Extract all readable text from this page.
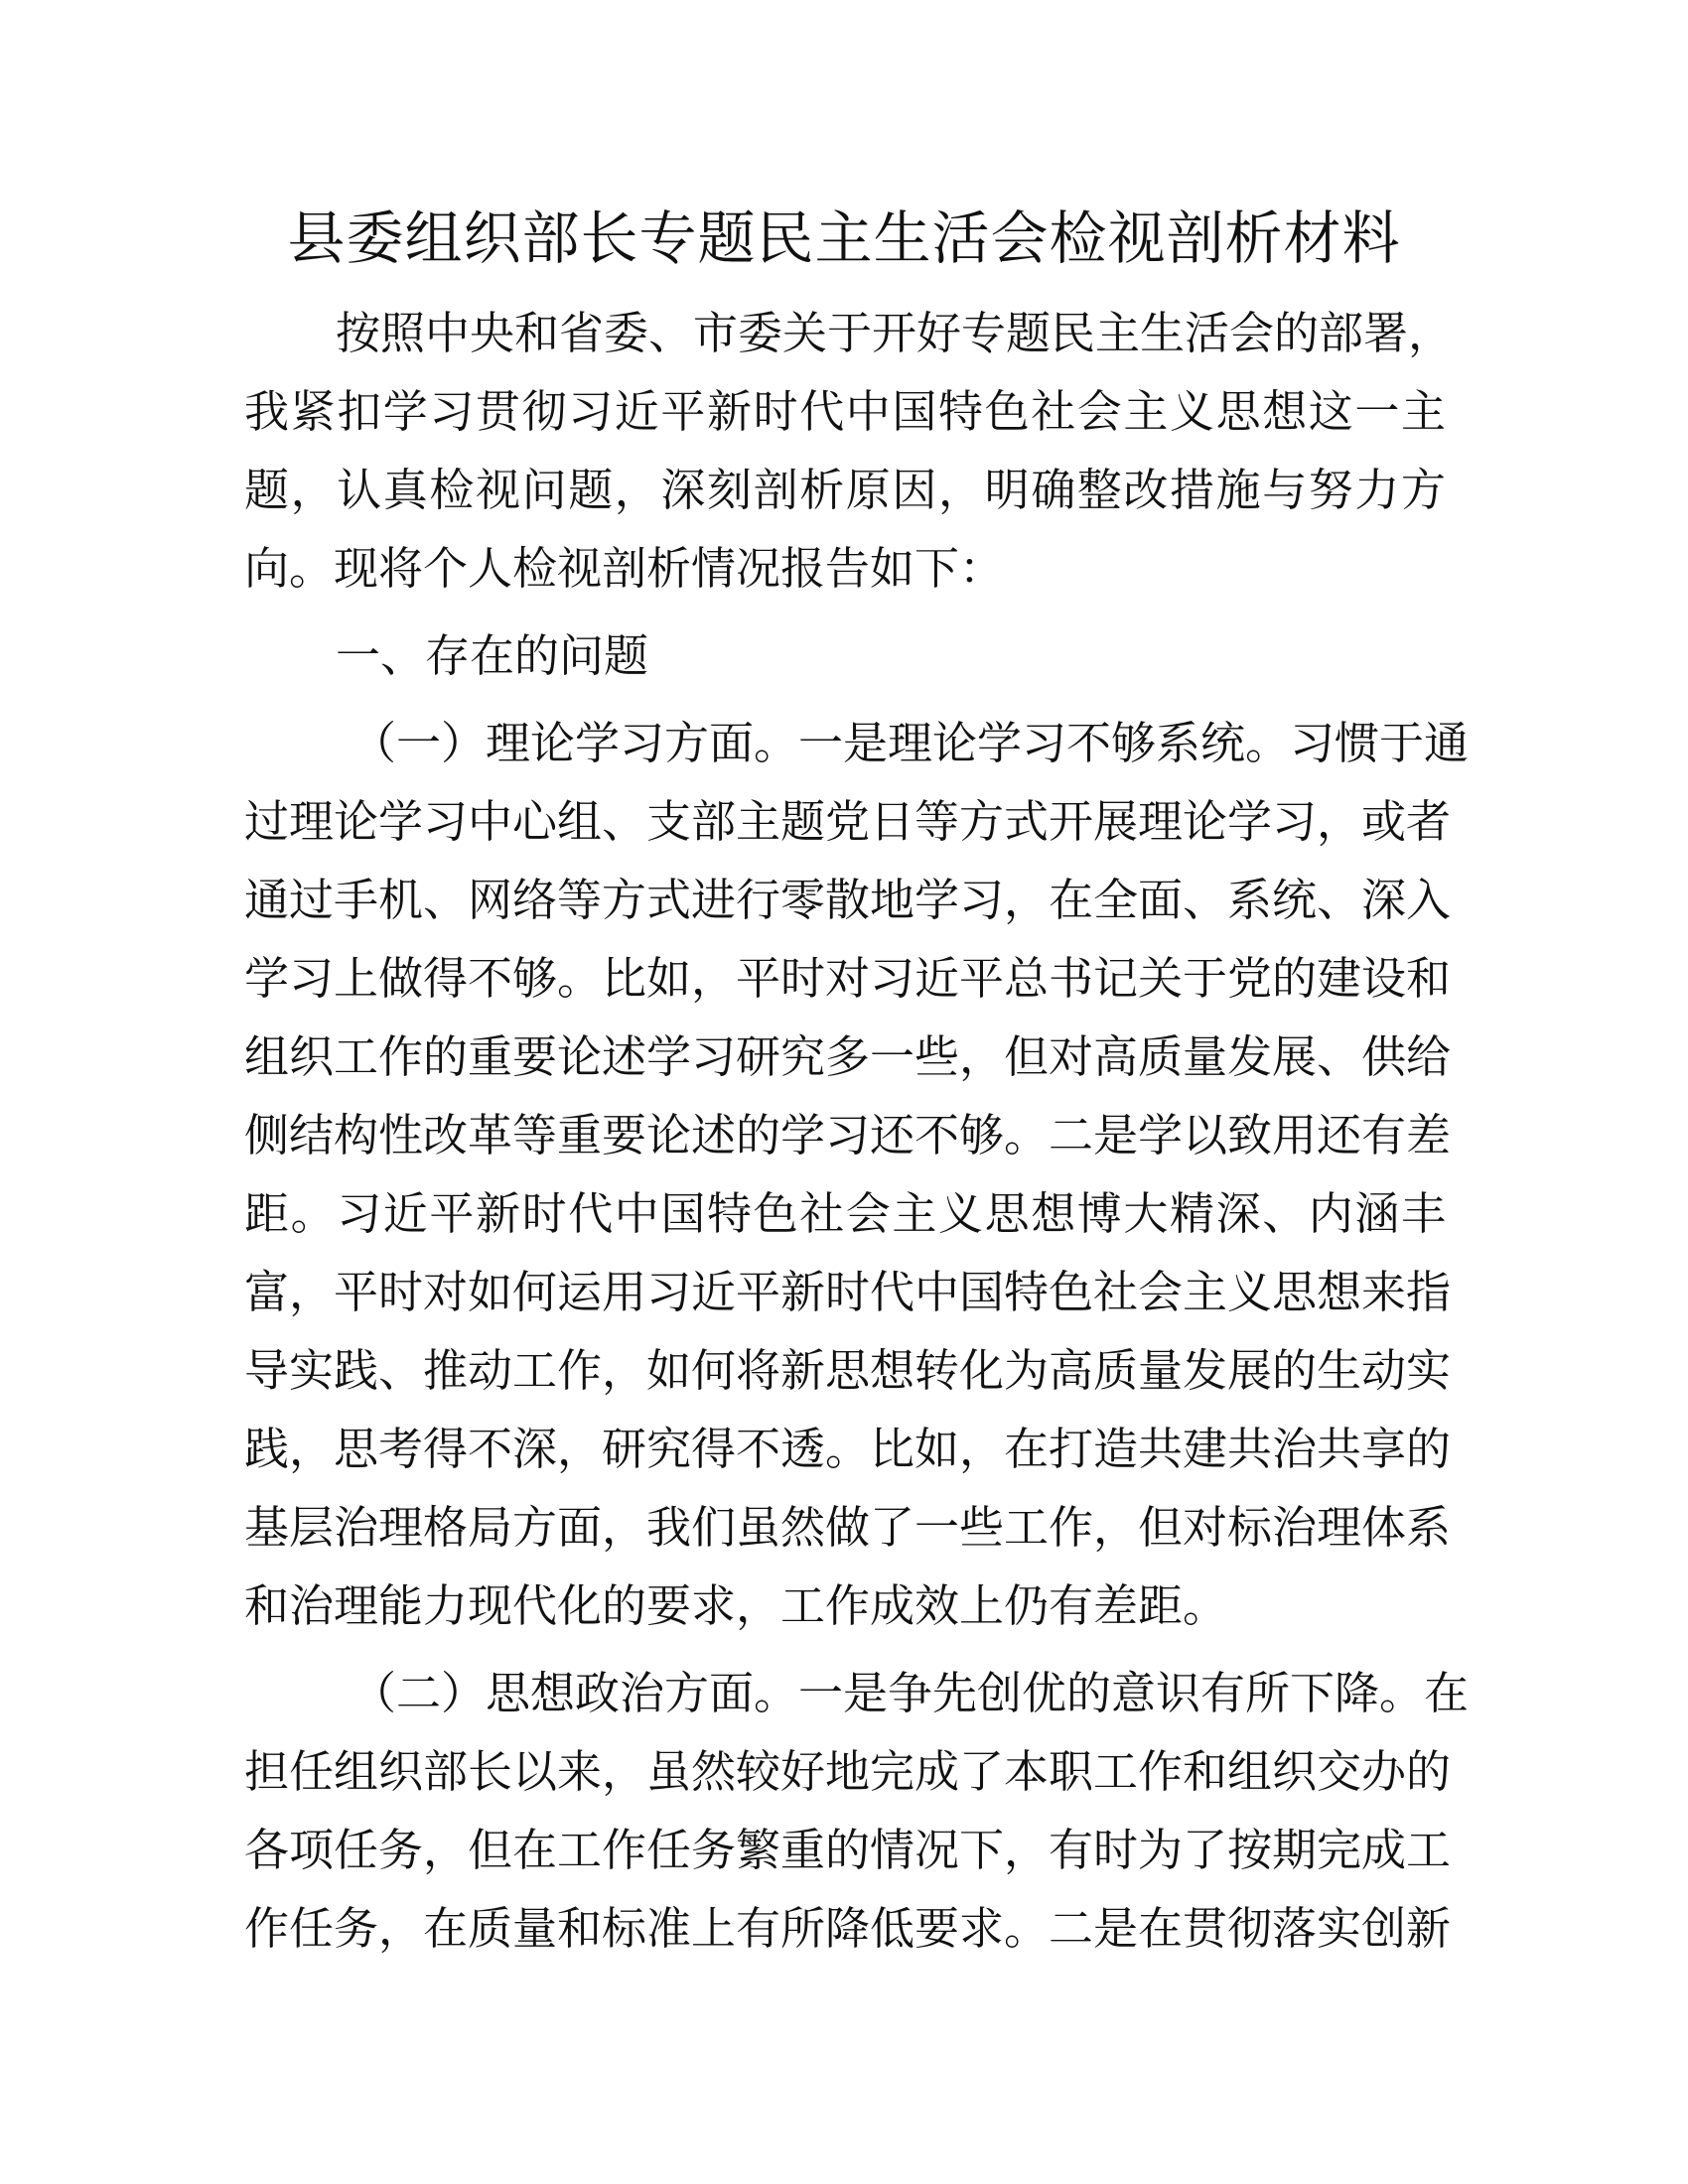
县委组织部长专题民主生活会检视剖析材料
按照中央和省委、市委关于开好专题民主生活会的部署，
我紧扣学习贯彻习近平新时代中国特色社会主义思想这一主
题，认真检视问题，深刻剖析原因，明确整改措施与努力方
向。现将个人检视剖析情况报告如下：
一、存在的问题
（一）理论学习方面。一是理论学习不够系统。习惯于通
过理论学习中心组、支部主题党日等方式开展理论学习，或者
通过手机、网络等方式进行零散地学习，在全面、系统、深入
学习上做得不够。比如，平时对习近平总书记关于党的建设和
组织工作的重要论述学习研究多一些，但对高质量发展、供给
侧结构性改革等重要论述的学习还不够。二是学以致用还有差
距。习近平新时代中国特色社会主义思想博大精深、内涵丰
富，平时对如何运用习近平新时代中国特色社会主义思想来指
导实践、推动工作，如何将新思想转化为高质量发展的生动实
践，思考得不深，研究得不透。比如，在打造共建共治共享的
基层治理格局方面，我们虽然做了一些工作，但对标治理体系
和治理能力现代化的要求，工作成效上仍有差距。
（二）思想政治方面。一是争先创优的意识有所下降。在
担任组织部长以来，虽然较好地完成了本职工作和组织交办的
各项任务，但在工作任务繁重的情况下，有时为了按期完成工
作任务，在质量和标准上有所降低要求。二是在贯彻落实创新
